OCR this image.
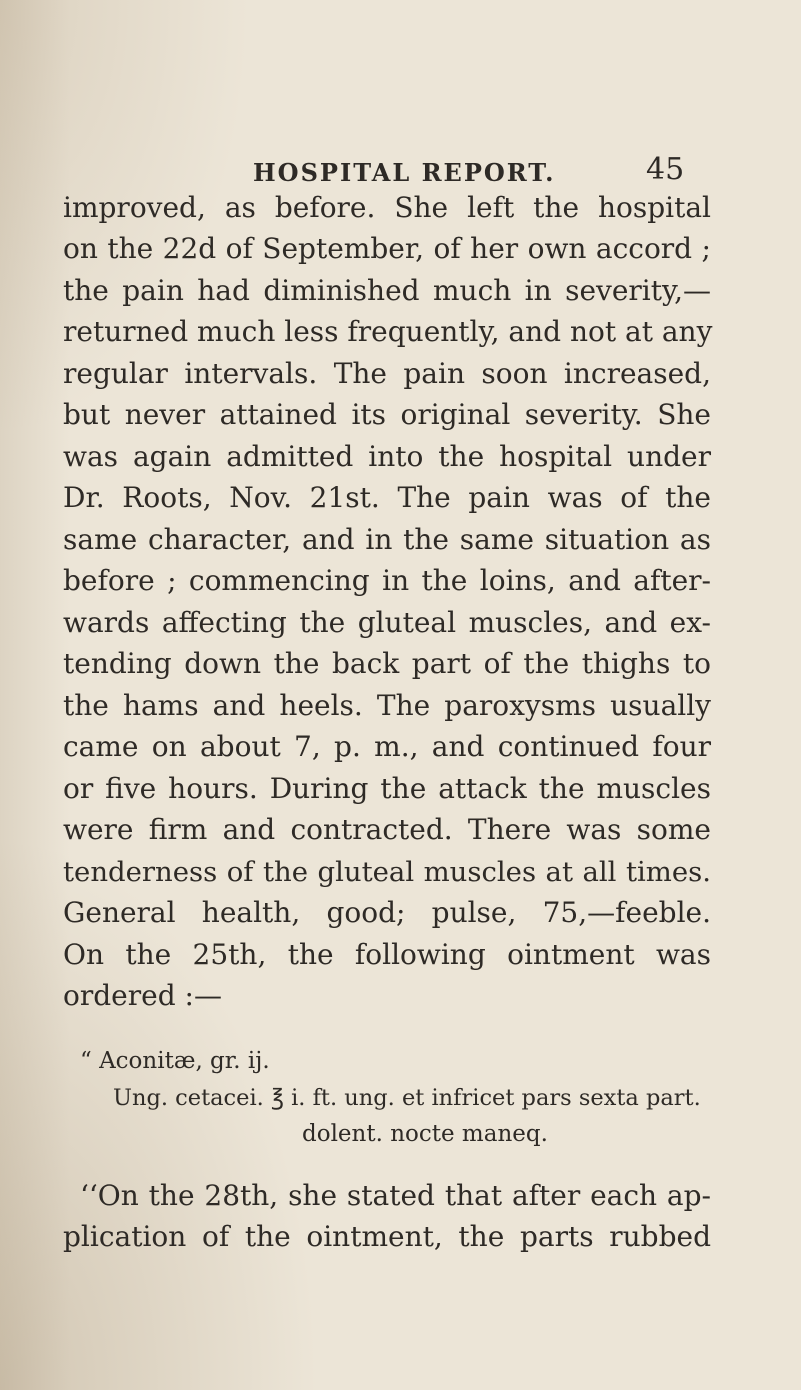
HOSPITAL REPORT.	45
improved, as before. She left the hospital
on the 22d of September, of her own accord ;
the pain had diminished much in severity,—
returned much less frequently, and not at any
regular intervals. The pain soon increased,
but never attained its original severity. She
was again admitted into the hospital under
Dr. Roots, Nov. 21st. The pain was of the
same character, and in the same situation as
before ; commencing in the loins, and after-
wards affecting the gluteal muscles, and ex-
tending down the back part of the thighs to
the hams and heels. The paroxysms usually
came on about 7, p. m., and continued four
or five hours. During the attack the muscles
were firm and contracted. There was some
tenderness of the gluteal muscles at all times.
General health, good; pulse, 75,—feeble.
On the 25th, the following ointment was
ordered :—
“ Aconitæ, gr. ij.
Ung. cetacei. ℥ i. ft. ung. et infricet pars sexta part.
dolent. nocte maneq.
‘‘On the 28th, she stated that after each ap-
plication of the ointment, the parts rubbed
